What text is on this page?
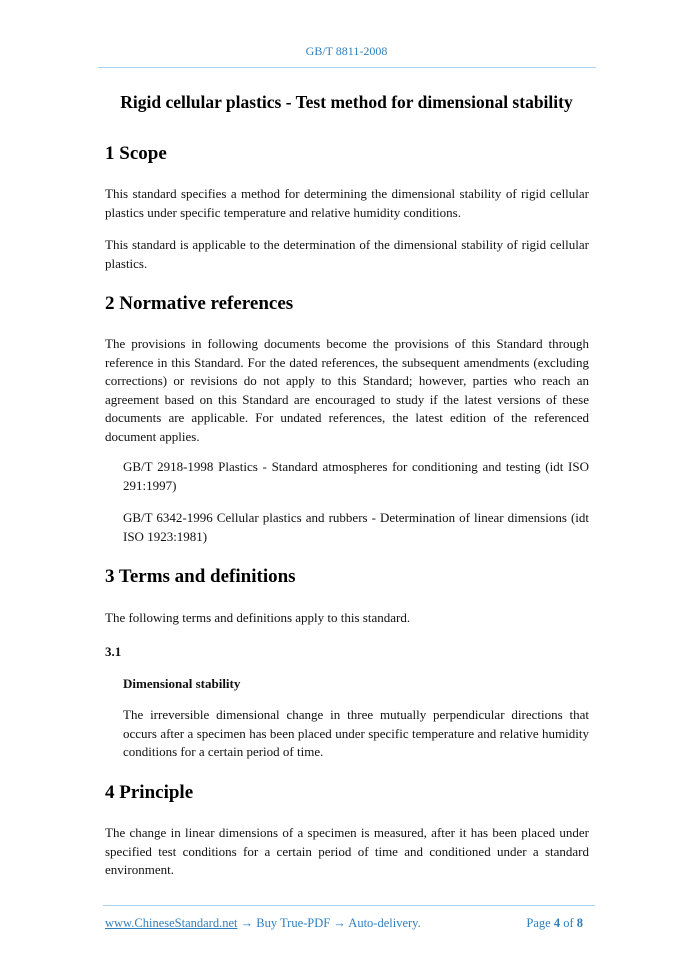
GB/T 8811-2008
Rigid cellular plastics - Test method for dimensional stability
1 Scope
This standard specifies a method for determining the dimensional stability of rigid cellular plastics under specific temperature and relative humidity conditions.
This standard is applicable to the determination of the dimensional stability of rigid cellular plastics.
2 Normative references
The provisions in following documents become the provisions of this Standard through reference in this Standard. For the dated references, the subsequent amendments (excluding corrections) or revisions do not apply to this Standard; however, parties who reach an agreement based on this Standard are encouraged to study if the latest versions of these documents are applicable. For undated references, the latest edition of the referenced document applies.
GB/T 2918-1998 Plastics - Standard atmospheres for conditioning and testing (idt ISO 291:1997)
GB/T 6342-1996 Cellular plastics and rubbers - Determination of linear dimensions (idt ISO 1923:1981)
3 Terms and definitions
The following terms and definitions apply to this standard.
3.1
Dimensional stability
The irreversible dimensional change in three mutually perpendicular directions that occurs after a specimen has been placed under specific temperature and relative humidity conditions for a certain period of time.
4 Principle
The change in linear dimensions of a specimen is measured, after it has been placed under specified test conditions for a certain period of time and conditioned under a standard environment.
www.ChineseStandard.net → Buy True-PDF → Auto-delivery.	Page 4 of 8
